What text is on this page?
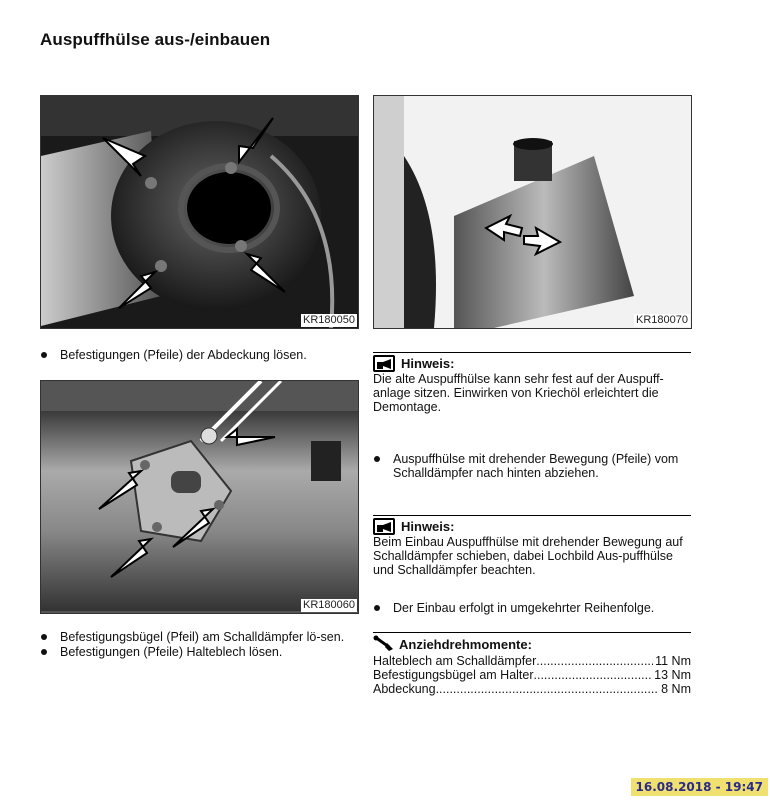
Auspuffhülse aus-/einbauen
KR180050	KR180070
Befestigungen (Pfeile) der Abdeckung lösen.
KR180060
Befestigungsbügel (Pfeil) am Schalldämpfer lö-sen.
Befestigungen (Pfeile) Halteblech lösen.
Hinweis:
Die alte Auspuffhülse kann sehr fest auf der Auspuff-anlage sitzen. Einwirken von Kriechöl erleichtert die Demontage.
Auspuffhülse mit drehender Bewegung (Pfeile) vom Schalldämpfer nach hinten abziehen.
Hinweis:
Beim Einbau Auspuffhülse mit drehender Bewegung auf Schalldämpfer schieben, dabei Lochbild Aus-puffhülse und Schalldämpfer beachten.
Der Einbau erfolgt in umgekehrter Reihenfolge.
Anziehdrehmomente:
Halteblech am Schalldämpfer .....	11 Nm
Befestigungsbügel am Halter .....	13 Nm
Abdeckung .....	8 Nm
16.08.2018 - 19:47
